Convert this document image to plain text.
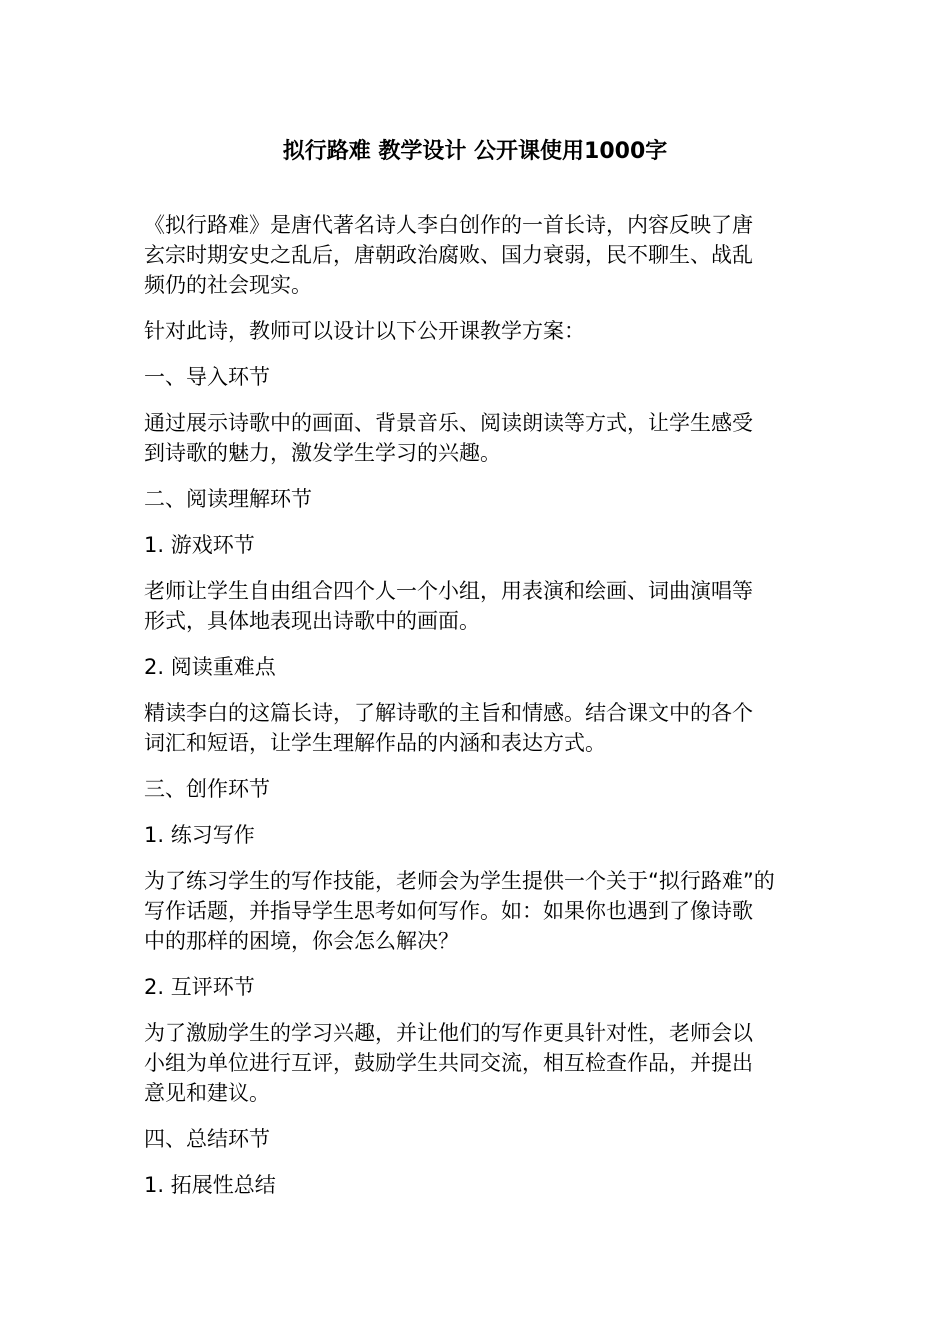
拟行路难 教学设计 公开课使用1000字

《拟行路难》是唐代著名诗人李白创作的一首长诗，内容反映了唐
玄宗时期安史之乱后，唐朝政治腐败、国力衰弱，民不聊生、战乱
频仍的社会现实。

针对此诗，教师可以设计以下公开课教学方案：

一、导入环节

通过展示诗歌中的画面、背景音乐、阅读朗读等方式，让学生感受
到诗歌的魅力，激发学生学习的兴趣。

二、阅读理解环节

1. 游戏环节

老师让学生自由组合四个人一个小组，用表演和绘画、词曲演唱等
形式，具体地表现出诗歌中的画面。

2. 阅读重难点

精读李白的这篇长诗，了解诗歌的主旨和情感。结合课文中的各个
词汇和短语，让学生理解作品的内涵和表达方式。

三、创作环节

1. 练习写作

为了练习学生的写作技能，老师会为学生提供一个关于“拟行路难”的
写作话题，并指导学生思考如何写作。如：如果你也遇到了像诗歌
中的那样的困境，你会怎么解决？

2. 互评环节

为了激励学生的学习兴趣，并让他们的写作更具针对性，老师会以
小组为单位进行互评，鼓励学生共同交流，相互检查作品，并提出
意见和建议。

四、总结环节

1. 拓展性总结
